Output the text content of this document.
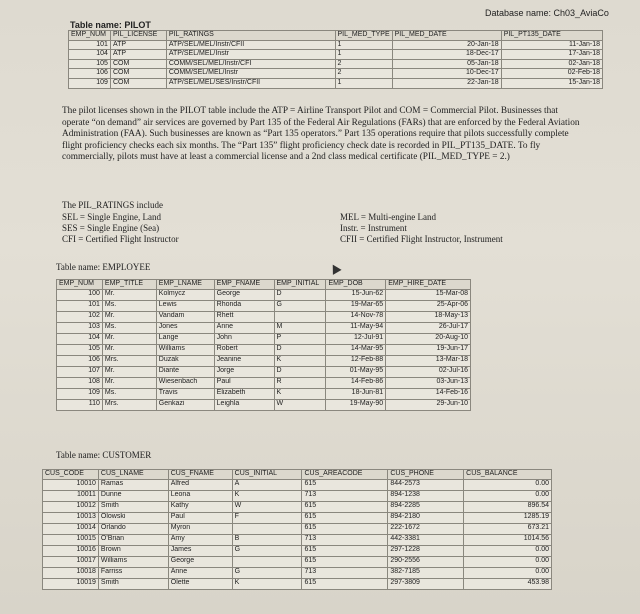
Database name: Ch03_AviaCo
Table name: PILOT
EMP_NUM	PIL_LICENSE	PIL_RATINGS	PIL_MED_TYPE	PIL_MED_DATE	PIL_PT135_DATE
101	ATP	ATP/SEL/MEL/Instr/CFII	1	20-Jan-18	11-Jan-18
104	ATP	ATP/SEL/MEL/Instr	1	18-Dec-17	17-Jan-18
105	COM	COMM/SEL/MEL/Instr/CFI	2	05-Jan-18	02-Jan-18
106	COM	COMM/SEL/MEL/Instr	2	10-Dec-17	02-Feb-18
109	COM	ATP/SEL/MEL/SES/Instr/CFII	1	22-Jan-18	15-Jan-18
The pilot licenses shown in the PILOT table include the ATP = Airline Transport Pilot and COM = Commercial Pilot. Businesses that operate “on demand” air services are governed by Part 135 of the Federal Air Regulations (FARs) that are enforced by the Federal Aviation Administration (FAA). Such businesses are known as “Part 135 operators.” Part 135 operations require that pilots successfully complete flight proficiency checks each six months. The “Part 135” flight proficiency check date is recorded in PIL_PT135_DATE. To fly commercially, pilots must have at least a commercial license and a 2nd class medical certificate (PIL_MED_TYPE = 2.)
The PIL_RATINGS include
SEL = Single Engine, Land
SES = Single Engine (Sea)
CFI = Certified Flight Instructor
MEL = Multi-engine Land
Instr. = Instrument
CFII = Certified Flight Instructor, Instrument
Table name: EMPLOYEE
EMP_NUM	EMP_TITLE	EMP_LNAME	EMP_FNAME	EMP_INITIAL	EMP_DOB	EMP_HIRE_DATE
100	Mr.	Kolmycz	George	D	15-Jun-62	15-Mar-08
101	Ms.	Lewis	Rhonda	G	19-Mar-65	25-Apr-06
102	Mr.	Vandam	Rhett		14-Nov-78	18-May-13
103	Ms.	Jones	Anne	M	11-May-94	26-Jul-17
104	Mr.	Lange	John	P	12-Jul-91	20-Aug-10
105	Mr.	Williams	Robert	D	14-Mar-95	19-Jun-17
106	Mrs.	Duzak	Jeanine	K	12-Feb-88	13-Mar-18
107	Mr.	Diante	Jorge	D	01-May-95	02-Jul-16
108	Mr.	Wiesenbach	Paul	R	14-Feb-86	03-Jun-13
109	Ms.	Travis	Elizabeth	K	18-Jun-81	14-Feb-16
110	Mrs.	Genkazi	Leighla	W	19-May-90	29-Jun-10
Table name: CUSTOMER
CUS_CODE	CUS_LNAME	CUS_FNAME	CUS_INITIAL	CUS_AREACODE	CUS_PHONE	CUS_BALANCE
10010	Ramas	Alfred	A	615	844-2573	0.00
10011	Dunne	Leona	K	713	894-1238	0.00
10012	Smith	Kathy	W	615	894-2285	896.54
10013	Olowski	Paul	F	615	894-2180	1285.19
10014	Orlando	Myron		615	222-1672	673.21
10015	O'Brian	Amy	B	713	442-3381	1014.56
10016	Brown	James	G	615	297-1228	0.00
10017	Williams	George		615	290-2556	0.00
10018	Farriss	Anne	G	713	382-7185	0.00
10019	Smith	Olette	K	615	297-3809	453.98
